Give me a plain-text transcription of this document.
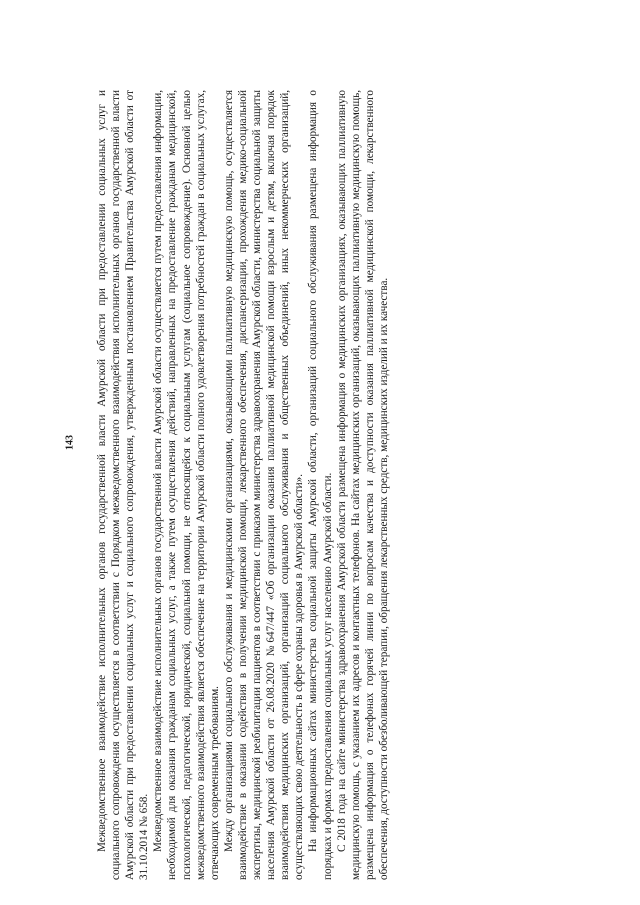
143 Межведомственное взаимодействие исполнительных органов государственной власти Амурской области при предоставлении социальных услуг и социального сопровождения осуществляется в соответствии с Порядком межведомственного взаимодействия исполнительных органов государственной власти Амурской области при предоставлении социальных услуг и социального сопровождения, утвержденным постановлением Правительства Амурской области от 31.10.2014 № 658. Межведомственное взаимодействие исполнительных органов государственной власти Амурской области осуществляется путем предоставления информации, необходимой для оказания гражданам социальных услуг, а также путем осуществления действий, направленных на предоставление гражданам медицинской, психологической, педагогической, юридической, социальной помощи, не относящейся к социальным услугам (социальное сопровождение). Основной целью межведомственного взаимодействия является обеспечение на территории Амурской области полного удовлетворения потребностей граждан в социальных услугах, отвечающих современным требованиям. Между организациями социального обслуживания и медицинскими организациями, оказывающими паллиативную медицинскую помощь, осуществляется взаимодействие в оказании содействия в получении медицинской помощи, лекарственного обеспечения, диспансеризации, прохождения медико-социальной экспертизы, медицинской реабилитации пациентов в соответствии с приказом министерства здравоохранения Амурской области, министерства социальной защиты населения Амурской области от 26.08.2020 №647/447 «Об организации оказания паллиативной медицинской помощи взрослым и детям, включая порядок взаимодействия медицинских организаций, организаций социального обслуживания и общественных объединений, иных некоммерческих организаций, осуществляющих свою деятельность в сфере охраны здоровья в Амурской области». На информационных сайтах министерства социальной защиты Амурской области, организаций социального обслуживания размещена информация о порядках и формах предоставления социальных услуг населению Амурской области. С 2018 года на сайте министерства здравоохранения Амурской области размещена информация о медицинских организациях, оказывающих паллиативную медицинскую помощь, с указанием их адресов и контактных телефонов. На сайтах медицинских организаций, оказывающих паллиативную медицинскую помощь, размещена информация о телефонах горячей линии по вопросам качества и доступности оказания паллиативной медицинской помощи, лекарственного обеспечения, доступности обезболивающей терапии, обращения лекарственных средств, медицинских изделий и их качества.
